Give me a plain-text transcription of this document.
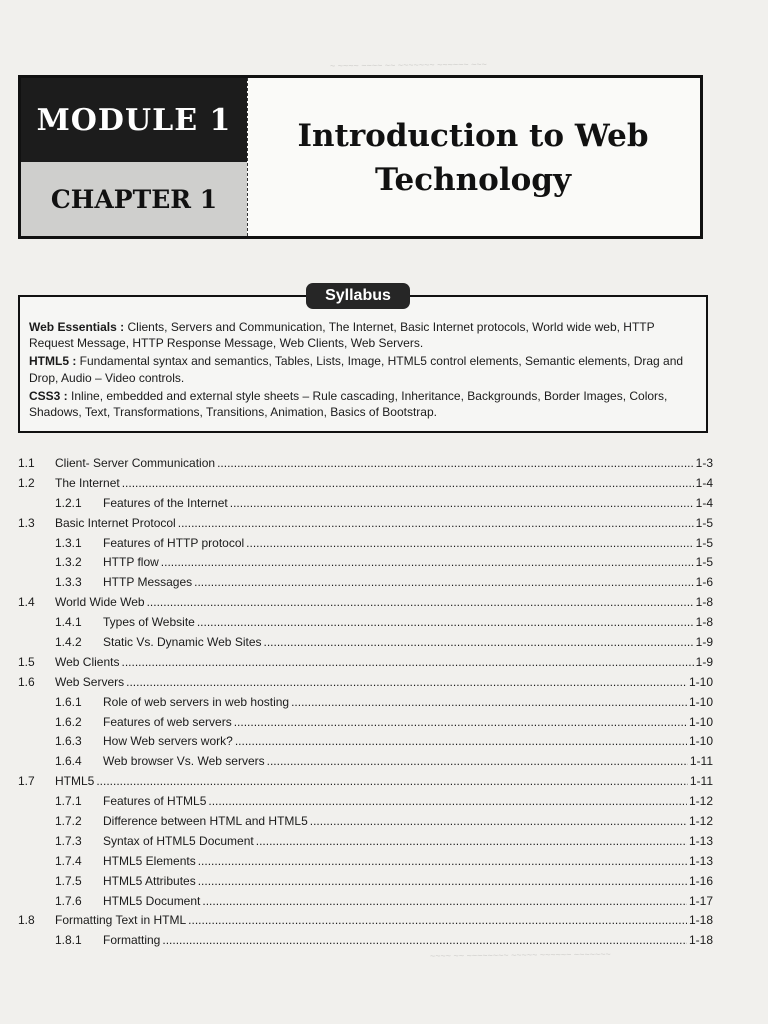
~ ~~~~ ~~~~ ~~ ~~~~~~~ ~~~~~~ ~~~
~~~~ ~~ ~~~~~~~~ ~~~~~ ~~~~~~ ~~~~~~~
MODULE 1
CHAPTER 1
Introduction to Web
Technology
Syllabus

Web Essentials : Clients, Servers and Communication, The Internet, Basic Internet protocols, World wide web, HTTP Request Message, HTTP Response Message, Web Clients, Web Servers.

HTML5 : Fundamental syntax and semantics, Tables, Lists, Image, HTML5 control elements, Semantic elements, Drag and Drop, Audio – Video controls.

CSS3 : Inline, embedded and external style sheets – Rule cascading, Inheritance, Backgrounds, Border Images, Colors, Shadows, Text, Transformations, Transitions, Animation, Basics of Bootstrap.

1.1 Client- Server Communication .....	1-3
1.2 The Internet .....	1-4
1.2.1 Features of the Internet .....	1-4
1.3 Basic Internet Protocol .....	1-5
1.3.1 Features of HTTP protocol .....	1-5
1.3.2 HTTP flow .....	1-5
1.3.3 HTTP Messages .....	1-6
1.4 World Wide Web .....	1-8
1.4.1 Types of Website .....	1-8
1.4.2 Static Vs. Dynamic Web Sites .....	1-9
1.5 Web Clients .....	1-9
1.6 Web Servers .....	1-10
1.6.1 Role of web servers in web hosting .....	1-10
1.6.2 Features of web servers .....	1-10
1.6.3 How Web servers work? .....	1-10
1.6.4 Web browser Vs. Web servers .....	1-11
1.7 HTML5 .....	1-11
1.7.1 Features of HTML5 .....	1-12
1.7.2 Difference between HTML and HTML5 .....	1-12
1.7.3 Syntax of HTML5 Document .....	1-13
1.7.4 HTML5 Elements .....	1-13
1.7.5 HTML5 Attributes .....	1-16
1.7.6 HTML5 Document .....	1-17
1.8 Formatting Text in HTML .....	1-18
1.8.1 Formatting .....	1-18
